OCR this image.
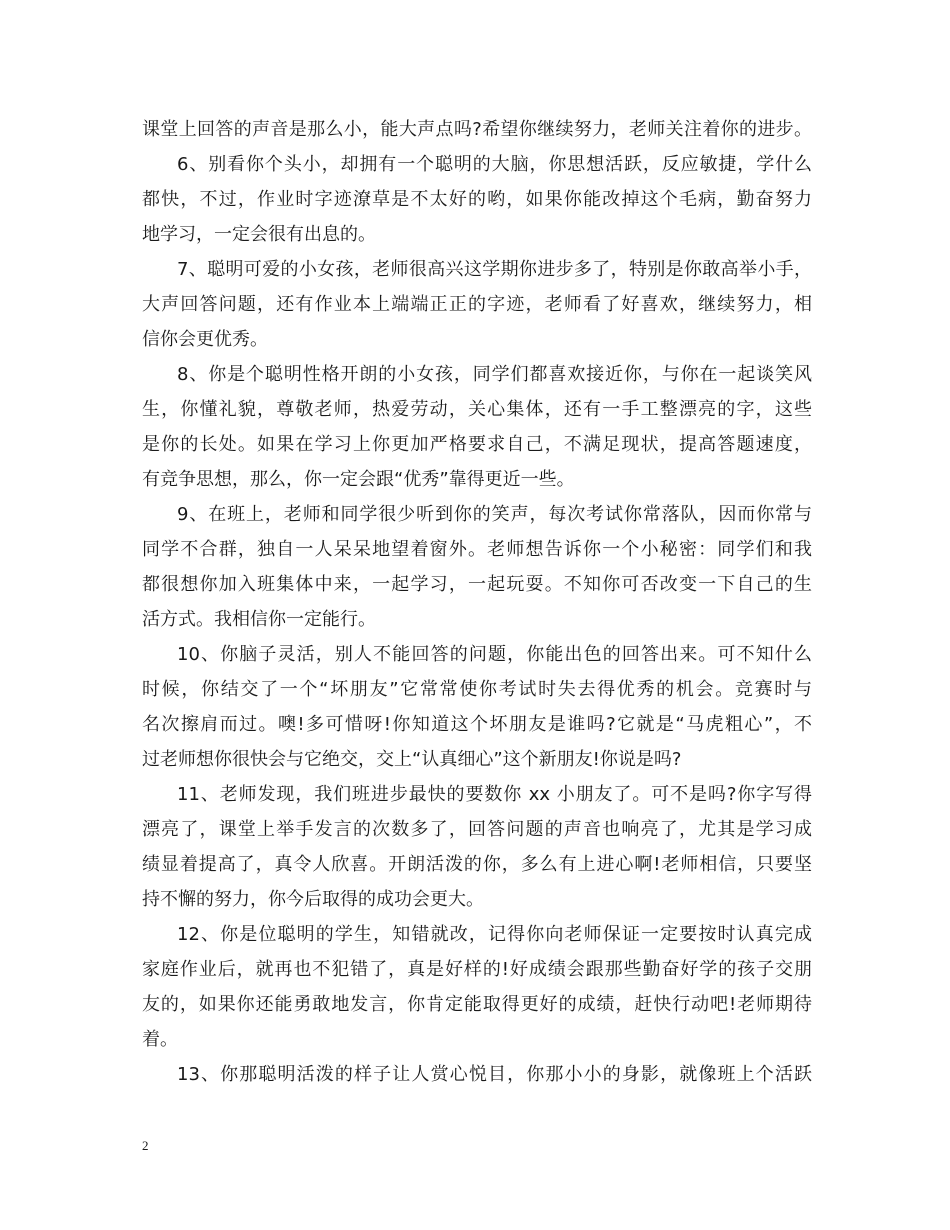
课堂上回答的声音是那么小，能大声点吗?希望你继续努力，老师关注着你的进步。
6、别看你个头小，却拥有一个聪明的大脑，你思想活跃，反应敏捷，学什么
都快，不过，作业时字迹潦草是不太好的哟，如果你能改掉这个毛病，勤奋努力
地学习，一定会很有出息的。
7、聪明可爱的小女孩，老师很高兴这学期你进步多了，特别是你敢高举小手，
大声回答问题，还有作业本上端端正正的字迹，老师看了好喜欢，继续努力，相
信你会更优秀。
8、你是个聪明性格开朗的小女孩，同学们都喜欢接近你，与你在一起谈笑风
生，你懂礼貌，尊敬老师，热爱劳动，关心集体，还有一手工整漂亮的字，这些
是你的长处。如果在学习上你更加严格要求自己，不满足现状，提高答题速度，
有竞争思想，那么，你一定会跟“优秀”靠得更近一些。
9、在班上，老师和同学很少听到你的笑声，每次考试你常落队，因而你常与
同学不合群，独自一人呆呆地望着窗外。老师想告诉你一个小秘密：同学们和我
都很想你加入班集体中来，一起学习，一起玩耍。不知你可否改变一下自己的生
活方式。我相信你一定能行。
10、你脑子灵活，别人不能回答的问题，你能出色的回答出来。可不知什么
时候，你结交了一个“坏朋友”它常常使你考试时失去得优秀的机会。竞赛时与
名次擦肩而过。噢!多可惜呀!你知道这个坏朋友是谁吗?它就是“马虎粗心”，不
过老师想你很快会与它绝交，交上“认真细心”这个新朋友!你说是吗?
11、老师发现，我们班进步最快的要数你 xx 小朋友了。可不是吗?你字写得
漂亮了，课堂上举手发言的次数多了，回答问题的声音也响亮了，尤其是学习成
绩显着提高了，真令人欣喜。开朗活泼的你，多么有上进心啊!老师相信，只要坚
持不懈的努力，你今后取得的成功会更大。
12、你是位聪明的学生，知错就改，记得你向老师保证一定要按时认真完成
家庭作业后，就再也不犯错了，真是好样的!好成绩会跟那些勤奋好学的孩子交朋
友的，如果你还能勇敢地发言，你肯定能取得更好的成绩，赶快行动吧!老师期待
着。
13、你那聪明活泼的样子让人赏心悦目，你那小小的身影，就像班上个活跃
2
